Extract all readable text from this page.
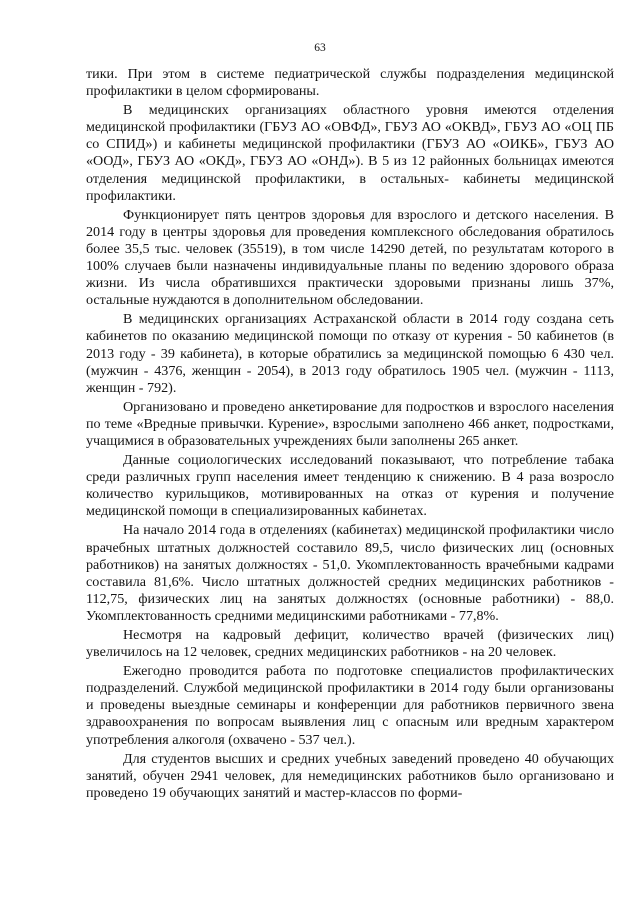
63

тики. При этом в системе педиатрической службы подразделения медицинской профилактики в целом сформированы.

В медицинских организациях областного уровня имеются отделения медицинской профилактики (ГБУЗ АО «ОВФД», ГБУЗ АО «ОКВД», ГБУЗ АО «ОЦ ПБ со СПИД») и кабинеты медицинской профилактики (ГБУЗ АО «ОИКБ», ГБУЗ АО «ООД», ГБУЗ АО «ОКД», ГБУЗ АО «ОНД»). В 5 из 12 районных больницах имеются отделения медицинской профилактики, в остальных- кабинеты медицинской профилактики.

Функционирует пять центров здоровья для взрослого и детского населения. В 2014 году в центры здоровья для проведения комплексного обследования обратилось более 35,5 тыс. человек (35519), в том числе 14290 детей, по результатам которого в 100% случаев были назначены индивидуальные планы по ведению здорового образа жизни. Из числа обратившихся практически здоровыми признаны лишь 37%, остальные нуждаются в дополнительном обследовании.

В медицинских организациях Астраханской области в 2014 году создана сеть кабинетов по оказанию медицинской помощи по отказу от курения - 50 кабинетов (в 2013 году - 39 кабинета), в которые обратились за медицинской помощью 6 430 чел. (мужчин - 4376, женщин - 2054), в 2013 году обратилось 1905 чел. (мужчин - 1113, женщин - 792).

Организовано и проведено анкетирование для подростков и взрослого населения по теме «Вредные привычки. Курение», взрослыми заполнено 466 анкет, подростками, учащимися в образовательных учреждениях были заполнены 265 анкет.

Данные социологических исследований показывают, что потребление табака среди различных групп населения имеет тенденцию к снижению. В 4 раза возросло количество курильщиков, мотивированных на отказ от курения и получение медицинской помощи в специализированных кабинетах.

На начало 2014 года в отделениях (кабинетах) медицинской профилактики число врачебных штатных должностей составило 89,5, число физических лиц (основных работников) на занятых должностях - 51,0. Укомплектованность врачебными кадрами составила 81,6%. Число штатных должностей средних медицинских работников - 112,75, физических лиц на занятых должностях (основные работники) - 88,0. Укомплектованность средними медицинскими работниками - 77,8%.

Несмотря на кадровый дефицит, количество врачей (физических лиц) увеличилось на 12 человек, средних медицинских работников - на 20 человек.

Ежегодно проводится работа по подготовке специалистов профилактических подразделений. Службой медицинской профилактики в 2014 году были организованы и проведены выездные семинары и конференции для работников первичного звена здравоохранения по вопросам выявления лиц с опасным или вредным характером употребления алкоголя (охвачено - 537 чел.).

Для студентов высших и средних учебных заведений проведено 40 обучающих занятий, обучен 2941 человек, для немедицинских работников было организовано и проведено 19 обучающих занятий и мастер-классов по форми-
